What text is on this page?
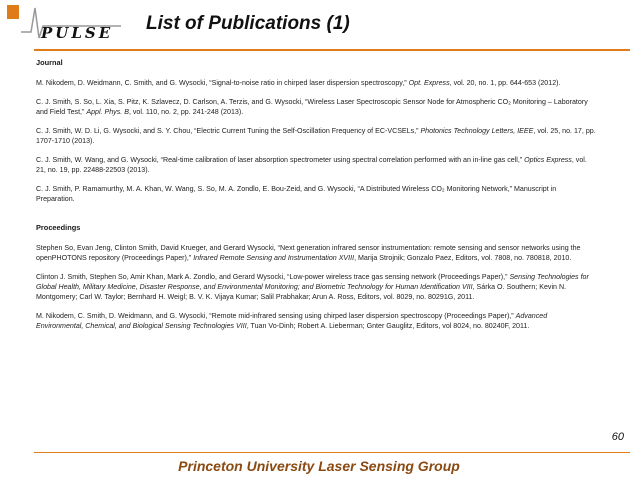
PULSE List of Publications (1)
Journal
M. Nikodem, D. Weidmann, C. Smith, and G. Wysocki, “Signal-to-noise ratio in chirped laser dispersion spectroscopy,” Opt. Express, vol. 20, no. 1, pp. 644-653 (2012).
C. J. Smith, S. So, L. Xia, S. Pitz, K. Szlavecz, D. Carlson, A. Terzis, and G. Wysocki, “Wireless Laser Spectroscopic Sensor Node for Atmospheric CO₂ Monitoring – Laboratory and Field Test,” Appl. Phys. B, vol. 110, no. 2, pp. 241-248 (2013).
C. J. Smith, W. D. Li, G. Wysocki, and S. Y. Chou, “Electric Current Tuning the Self-Oscillation Frequency of EC-VCSELs,” Photonics Technology Letters, IEEE, vol. 25, no. 17, pp. 1707-1710 (2013).
C. J. Smith, W. Wang, and G. Wysocki, “Real-time calibration of laser absorption spectrometer using spectral correlation performed with an in-line gas cell,” Optics Express, vol. 21, no. 19, pp. 22488-22503 (2013).
C. J. Smith, P. Ramamurthy, M. A. Khan, W. Wang, S. So, M. A. Zondlo, E. Bou-Zeid, and G. Wysocki, “A Distributed Wireless CO₂ Monitoring Network,” Manuscript in Preparation.
Proceedings
Stephen So, Evan Jeng, Clinton Smith, David Krueger, and Gerard Wysocki, “Next generation infrared sensor instrumentation: remote sensing and sensor networks using the openPHOTONS repository (Proceedings Paper),” Infrared Remote Sensing and Instrumentation XVIII, Marija Strojnik; Gonzalo Paez, Editors, vol. 7808, no. 780818, 2010.
Clinton J. Smith, Stephen So, Amir Khan, Mark A. Zondlo, and Gerard Wysocki, “Low-power wireless trace gas sensing network (Proceedings Paper),” Sensing Technologies for Global Health, Military Medicine, Disaster Response, and Environmental Monitoring; and Biometric Technology for Human Identification VIII, Sárka O. Southern; Kevin N. Montgomery; Carl W. Taylor; Bernhard H. Weigl; B. V. K. Vijaya Kumar; Salil Prabhakar; Arun A. Ross, Editors, vol. 8029, no. 80291G, 2011.
M. Nikodem, C. Smith, D. Weidmann, and G. Wysocki, “Remote mid-infrared sensing using chirped laser dispersion spectroscopy (Proceedings Paper),” Advanced Environmental, Chemical, and Biological Sensing Technologies VIII, Tuan Vo-Dinh; Robert A. Lieberman; Gnter Gauglitz, Editors, vol 8024, no. 80240F, 2011.
60
Princeton University Laser Sensing Group
